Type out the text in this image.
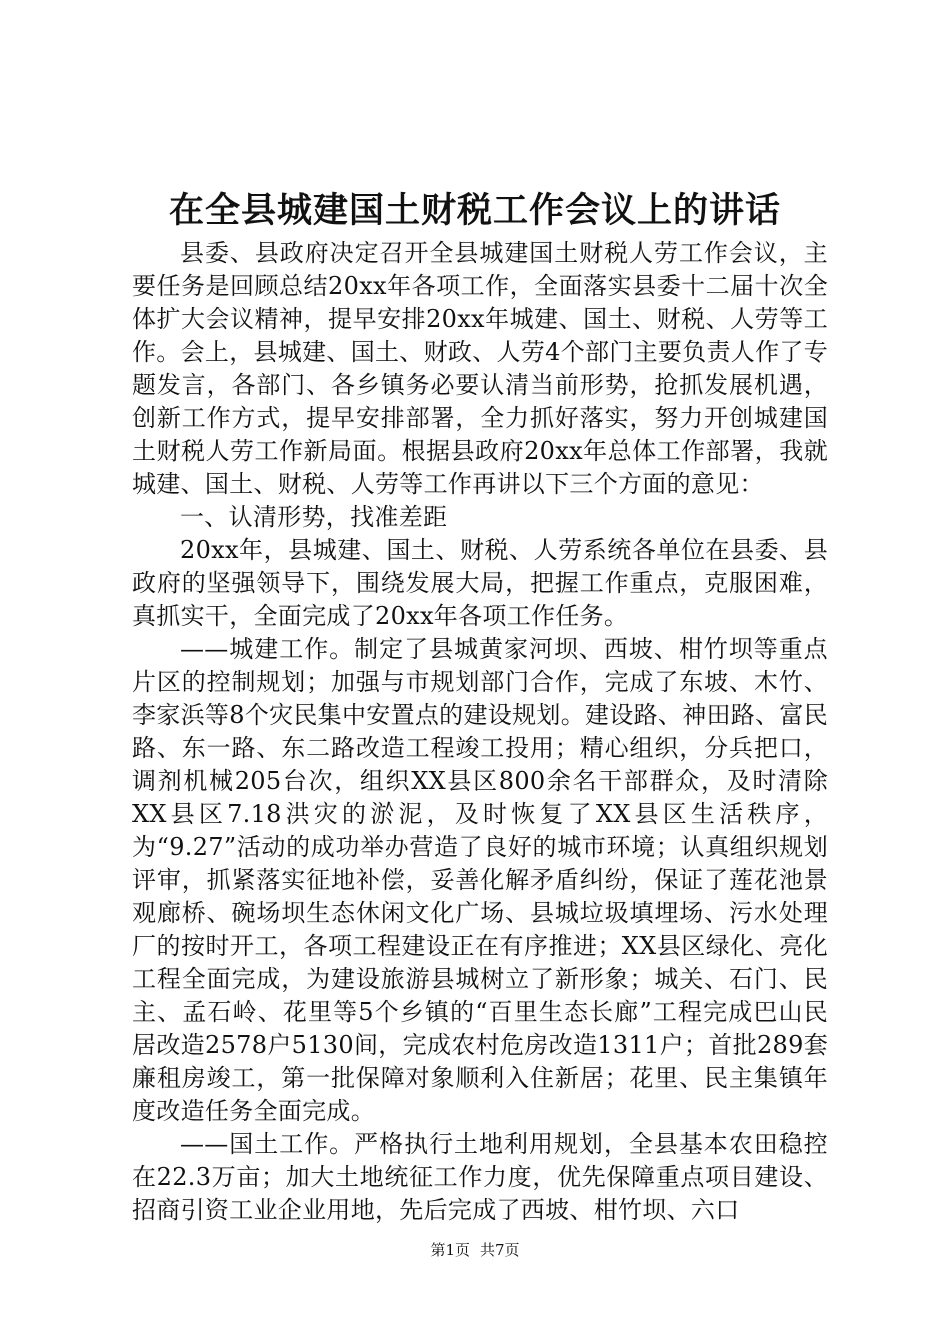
在全县城建国土财税工作会议上的讲话

县委、县政府决定召开全县城建国土财税人劳工作会议，主要任务是回顾总结20xx年各项工作，全面落实县委十二届十次全体扩大会议精神，提早安排20xx年城建、国土、财税、人劳等工作。会上，县城建、国土、财政、人劳4个部门主要负责人作了专题发言，各部门、各乡镇务必要认清当前形势，抢抓发展机遇，创新工作方式，提早安排部署，全力抓好落实，努力开创城建国土财税人劳工作新局面。根据县政府20xx年总体工作部署，我就城建、国土、财税、人劳等工作再讲以下三个方面的意见：

一、认清形势，找准差距

20xx年，县城建、国土、财税、人劳系统各单位在县委、县政府的坚强领导下，围绕发展大局，把握工作重点，克服困难，真抓实干，全面完成了20xx年各项工作任务。

——城建工作。制定了县城黄家河坝、西坡、柑竹坝等重点片区的控制规划；加强与市规划部门合作，完成了东坡、木竹、李家浜等8个灾民集中安置点的建设规划。建设路、神田路、富民路、东一路、东二路改造工程竣工投用；精心组织，分兵把口，调剂机械205台次，组织XX县区800余名干部群众，及时清除XX县区7.18洪灾的淤泥，及时恢复了XX县区生活秩序，为“9.27”活动的成功举办营造了良好的城市环境；认真组织规划评审，抓紧落实征地补偿，妥善化解矛盾纠纷，保证了莲花池景观廊桥、碗场坝生态休闲文化广场、县城垃圾填埋场、污水处理厂的按时开工，各项工程建设正在有序推进；XX县区绿化、亮化工程全面完成，为建设旅游县城树立了新形象；城关、石门、民主、孟石岭、花里等5个乡镇的“百里生态长廊”工程完成巴山民居改造2578户5130间，完成农村危房改造1311户；首批289套廉租房竣工，第一批保障对象顺利入住新居；花里、民主集镇年度改造任务全面完成。

——国土工作。严格执行土地利用规划，全县基本农田稳控在22.3万亩；加大土地统征工作力度，优先保障重点项目建设、招商引资工业企业用地，先后完成了西坡、柑竹坝、六口

第1页 共7页
